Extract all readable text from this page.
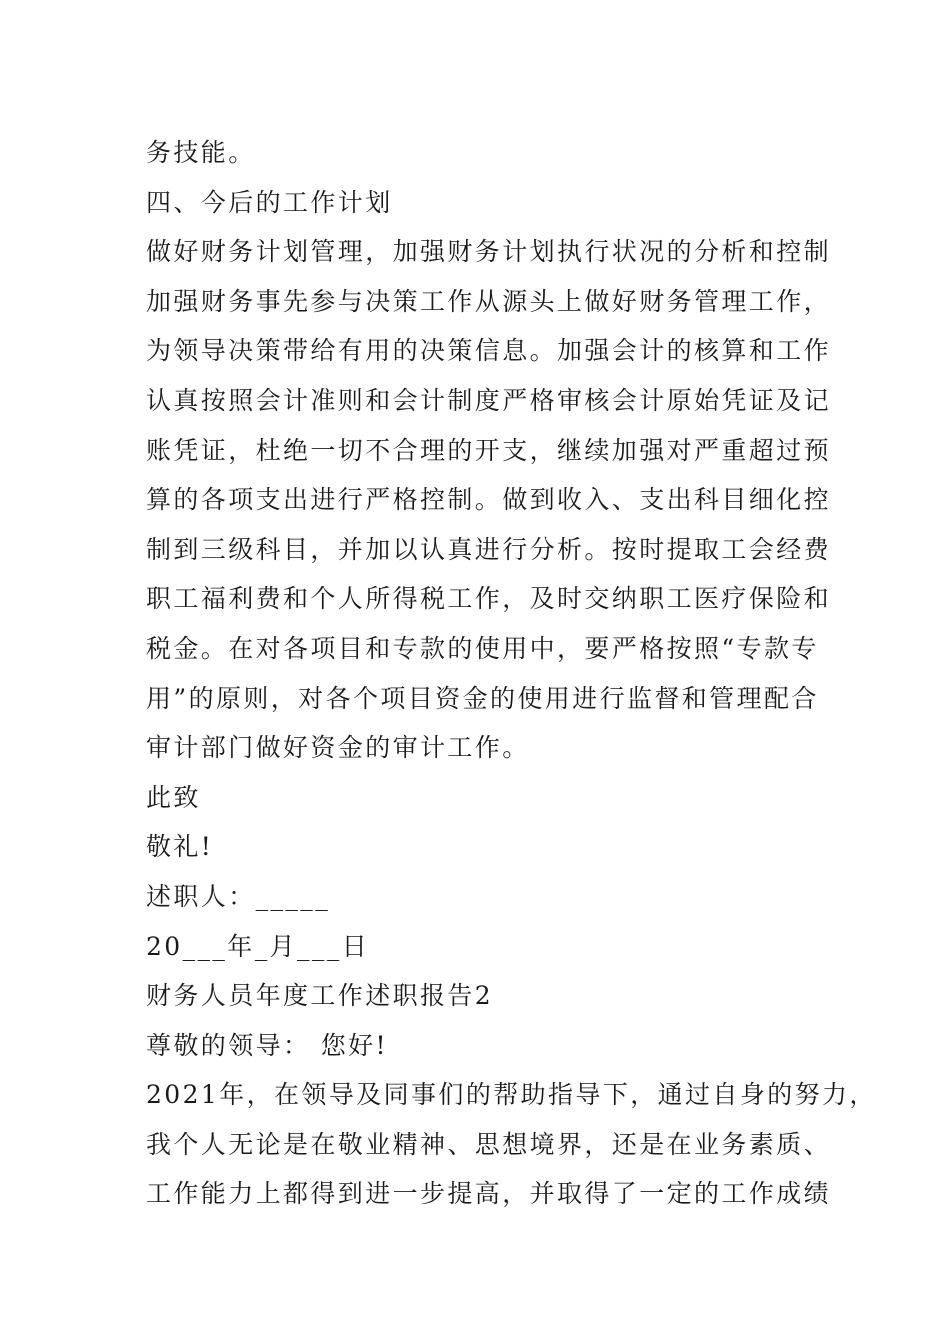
务技能。
四、今后的工作计划
做好财务计划管理，加强财务计划执行状况的分析和控制
加强财务事先参与决策工作从源头上做好财务管理工作，
为领导决策带给有用的决策信息。加强会计的核算和工作
认真按照会计准则和会计制度严格审核会计原始凭证及记
账凭证，杜绝一切不合理的开支，继续加强对严重超过预
算的各项支出进行严格控制。做到收入、支出科目细化控
制到三级科目，并加以认真进行分析。按时提取工会经费
职工福利费和个人所得税工作，及时交纳职工医疗保险和
税金。在对各项目和专款的使用中，要严格按照“专款专
用”的原则，对各个项目资金的使用进行监督和管理配合
审计部门做好资金的审计工作。
此致
敬礼!
述职人：_____
20___年_月___日
财务人员年度工作述职报告2
尊敬的领导： 您好!
2021年，在领导及同事们的帮助指导下，通过自身的努力，
我个人无论是在敬业精神、思想境界，还是在业务素质、
工作能力上都得到进一步提高，并取得了一定的工作成绩
